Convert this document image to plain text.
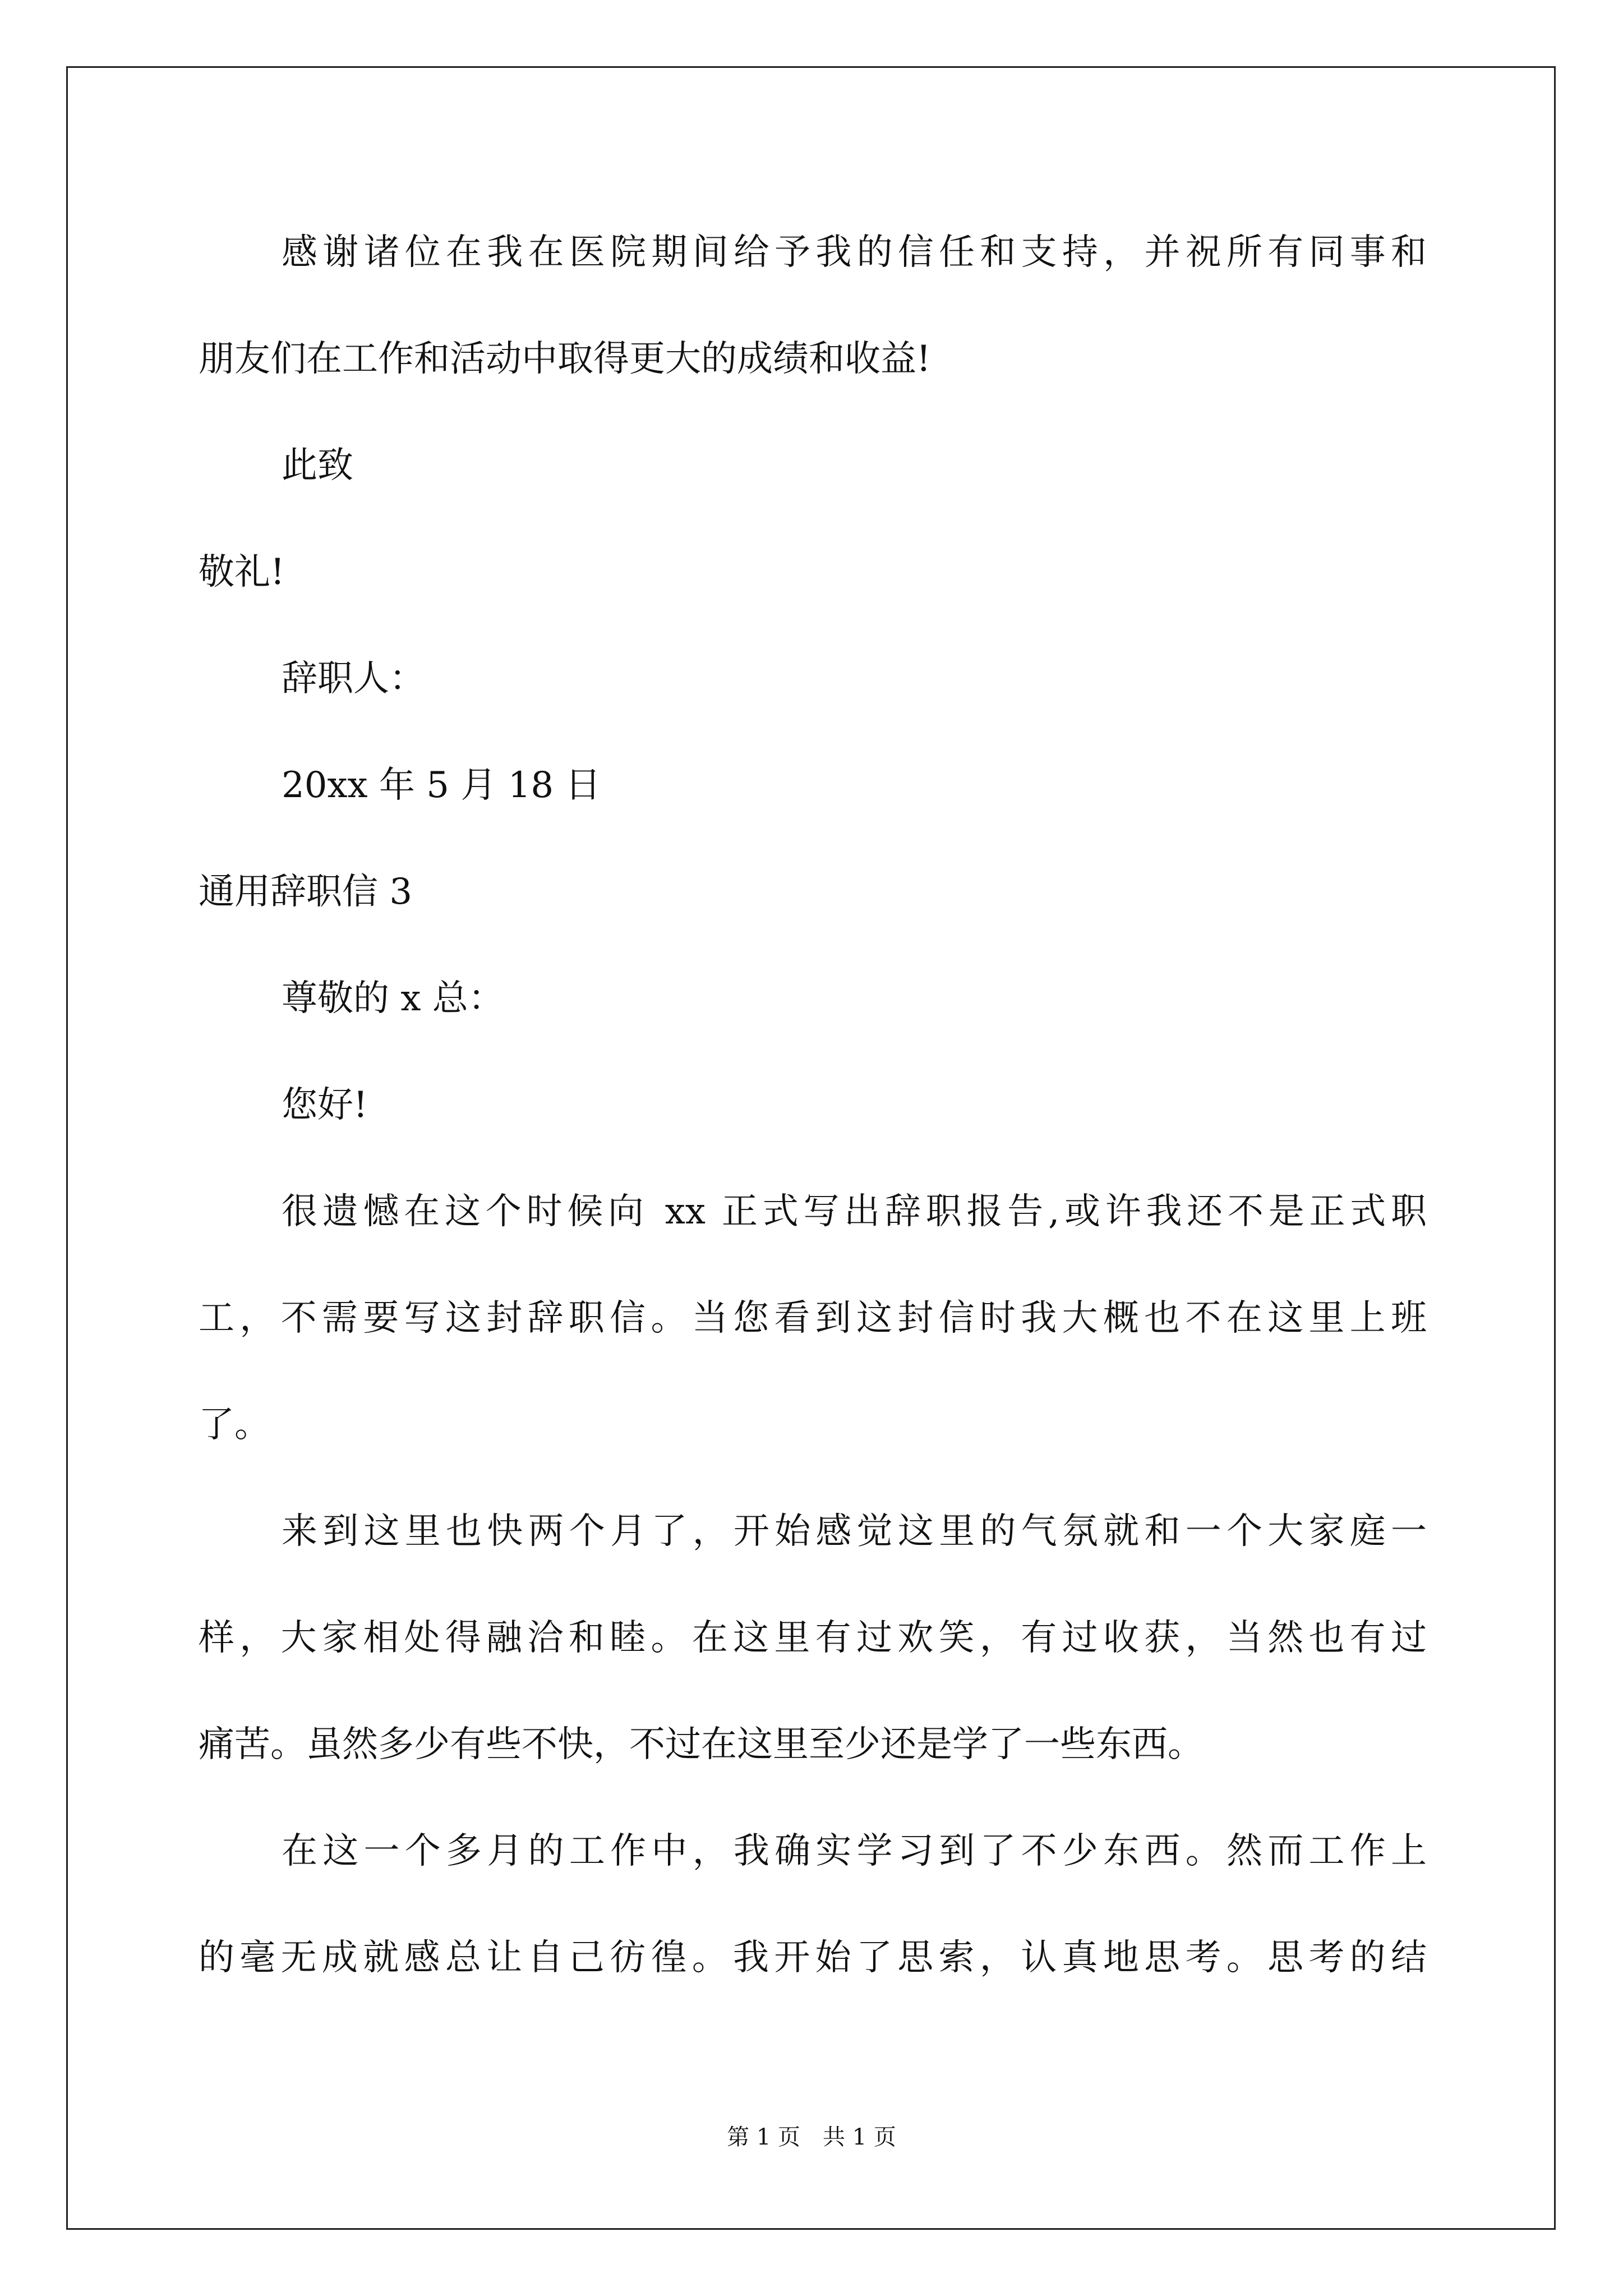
感谢诸位在我在医院期间给予我的信任和支持，并祝所有同事和
朋友们在工作和活动中取得更大的成绩和收益!
此致
敬礼!
辞职人：
20xx 年 5 月 18 日
通用辞职信 3
尊敬的 x 总：
您好!
很遗憾在这个时候向 xx 正式写出辞职报告,或许我还不是正式职
工，不需要写这封辞职信。当您看到这封信时我大概也不在这里上班
了。
来到这里也快两个月了，开始感觉这里的气氛就和一个大家庭一
样，大家相处得融洽和睦。在这里有过欢笑，有过收获，当然也有过
痛苦。虽然多少有些不快，不过在这里至少还是学了一些东西。
在这一个多月的工作中，我确实学习到了不少东西。然而工作上
的毫无成就感总让自己彷徨。我开始了思索，认真地思考。思考的结
第 1 页　共 1 页
